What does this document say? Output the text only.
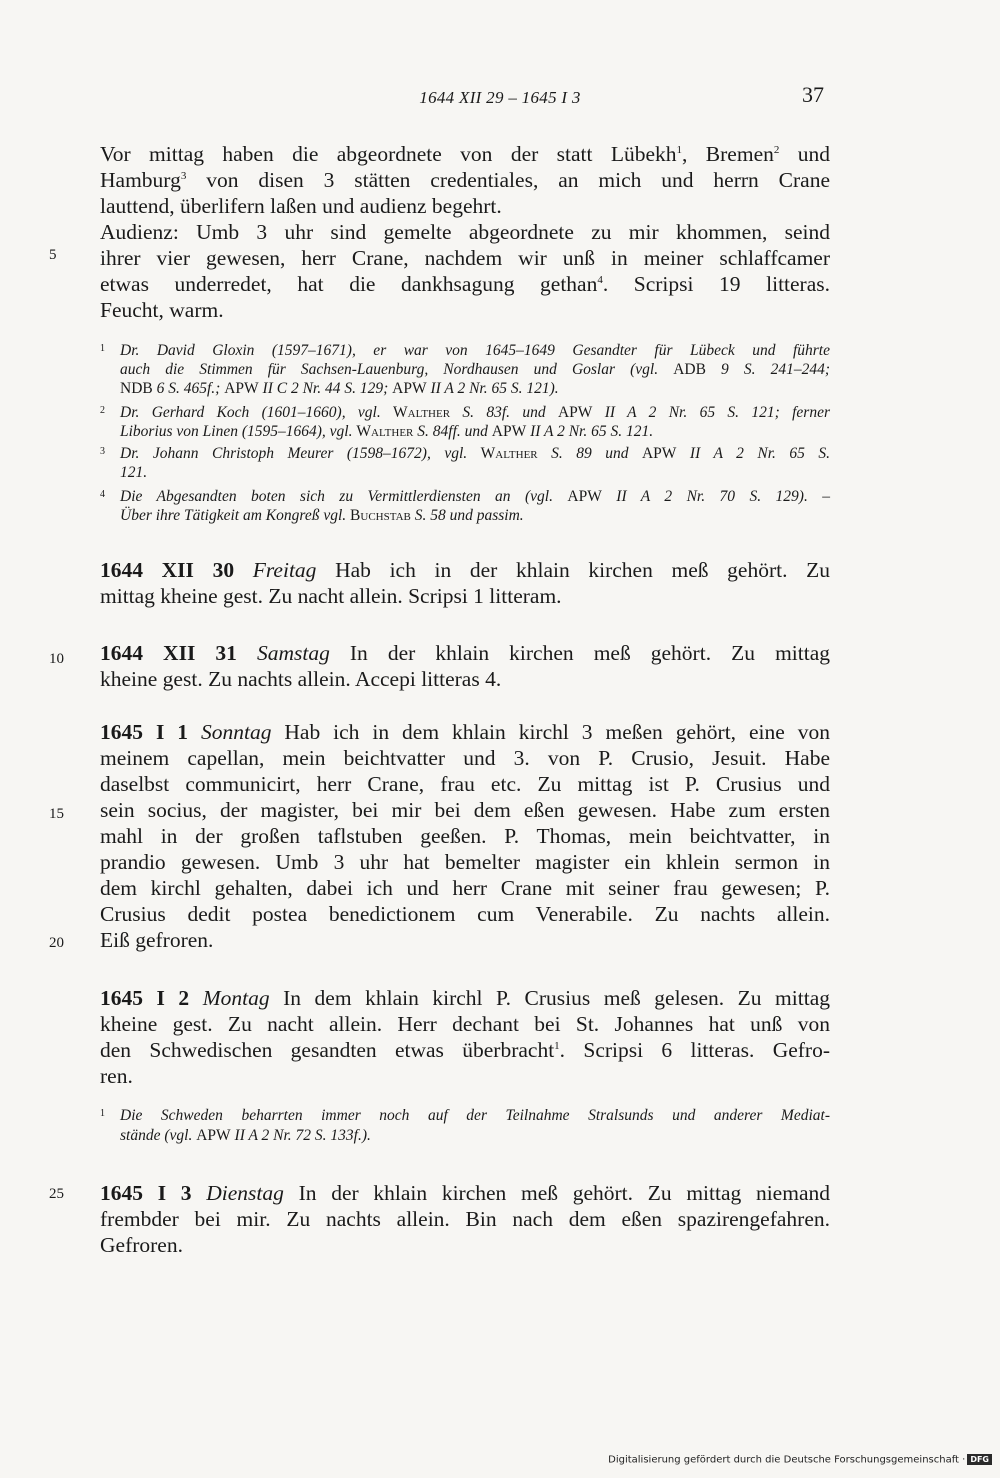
1644 XII 29 – 1645 I 3	37
5
10
15
20
25
Vor mittag haben die abgeordnete von der statt Lübekh$^1$, Bremen$^2$ und
Hamburg$^3$ von disen 3 stätten credentiales, an mich und herrn Crane
lauttend, überlifern laßen und audienz begehrt.
Audienz: Umb 3 uhr sind gemelte abgeordnete zu mir khommen, seind
ihrer vier gewesen, herr Crane, nachdem wir unß in meiner schlaffcamer
etwas underredet, hat die dankhsagung gethan$^4$. Scripsi 19 litteras.
Feucht, warm.
1 Dr. David Gloxin (1597–1671), er war von 1645–1649 Gesandter für Lübeck und führte
auch die Stimmen für Sachsen-Lauenburg, Nordhausen und Goslar (vgl. ADB 9 S. 241–244;
NDB 6 S. 465f.; APW II C 2 Nr. 44 S. 129; APW II A 2 Nr. 65 S. 121).
2 Dr. Gerhard Koch (1601–1660), vgl. Walther S. 83f. und APW II A 2 Nr. 65 S. 121; ferner
Liborius von Linen (1595–1664), vgl. Walther S. 84ff. und APW II A 2 Nr. 65 S. 121.
3 Dr. Johann Christoph Meurer (1598–1672), vgl. Walther S. 89 und APW II A 2 Nr. 65 S.
121.
4 Die Abgesandten boten sich zu Vermittlerdiensten an (vgl. APW II A 2 Nr. 70 S. 129). –
Über ihre Tätigkeit am Kongreß vgl. Buchstab S. 58 und passim.
1644 XII 30 Freitag Hab ich in der khlain kirchen meß gehört. Zu
mittag kheine gest. Zu nacht allein. Scripsi 1 litteram.
1644 XII 31 Samstag In der khlain kirchen meß gehört. Zu mittag
kheine gest. Zu nachts allein. Accepi litteras 4.
1645 I 1 Sonntag Hab ich in dem khlain kirchl 3 meßen gehört, eine von
meinem capellan, mein beichtvatter und 3. von P. Crusio, Jesuit. Habe
daselbst communicirt, herr Crane, frau etc. Zu mittag ist P. Crusius und
sein socius, der magister, bei mir bei dem eßen gewesen. Habe zum ersten
mahl in der großen taflstuben geeßen. P. Thomas, mein beichtvatter, in
prandio gewesen. Umb 3 uhr hat bemelter magister ein khlein sermon in
dem kirchl gehalten, dabei ich und herr Crane mit seiner frau gewesen; P.
Crusius dedit postea benedictionem cum Venerabile. Zu nachts allein.
Eiß gefroren.
1645 I 2 Montag In dem khlain kirchl P. Crusius meß gelesen. Zu mittag
kheine gest. Zu nacht allein. Herr dechant bei St. Johannes hat unß von
den Schwedischen gesandten etwas überbracht$^1$. Scripsi 6 litteras. Gefro-
ren.
1 Die Schweden beharrten immer noch auf der Teilnahme Stralsunds und anderer Mediat-
stände (vgl. APW II A 2 Nr. 72 S. 133f.).
1645 I 3 Dienstag In der khlain kirchen meß gehört. Zu mittag niemand
frembder bei mir. Zu nachts allein. Bin nach dem eßen spazirengefahren.
Gefroren.
Digitalisierung gefördert durch die Deutsche Forschungsgemeinschaft · DFG
